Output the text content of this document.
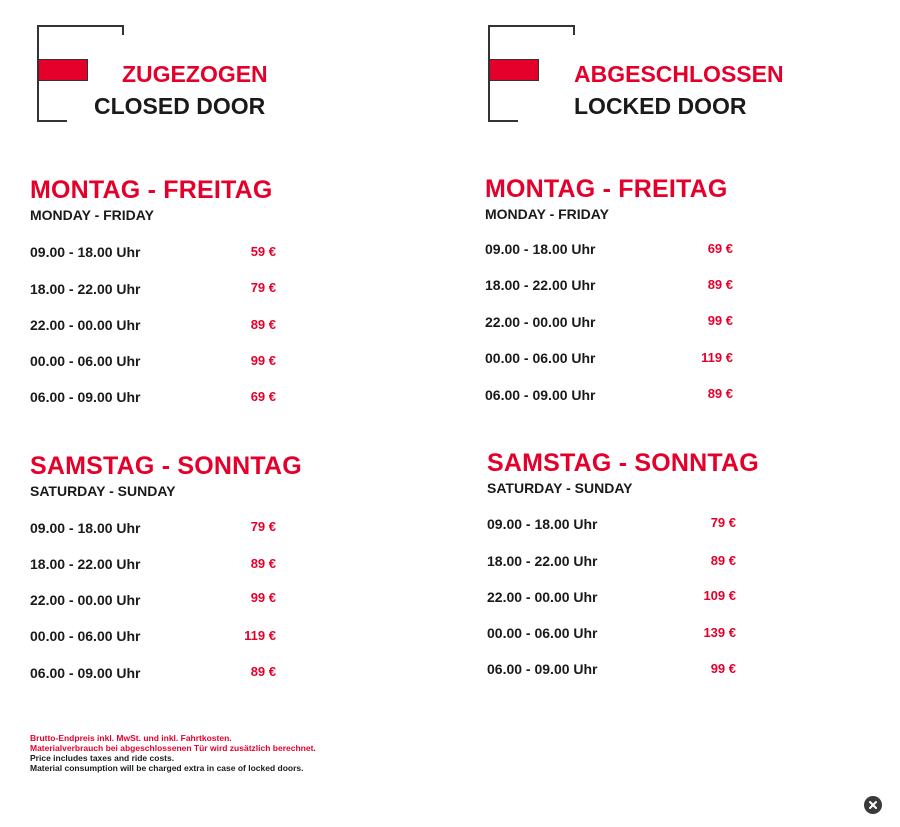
ZUGEZOGEN
CLOSED DOOR
ABGESCHLOSSEN
LOCKED DOOR
MONTAG - FREITAG
MONDAY - FRIDAY
09.00 - 18.00 Uhr	59 €
18.00 - 22.00 Uhr	79 €
22.00 - 00.00 Uhr	89 €
00.00 - 06.00 Uhr	99 €
06.00 - 09.00 Uhr	69 €
SAMSTAG - SONNTAG
SATURDAY - SUNDAY
09.00 - 18.00 Uhr	79 €
18.00 - 22.00 Uhr	89 €
22.00 - 00.00 Uhr	99 €
00.00 - 06.00 Uhr	119 €
06.00 - 09.00 Uhr	89 €
MONTAG - FREITAG
MONDAY - FRIDAY
09.00 - 18.00 Uhr	69 €
18.00 - 22.00 Uhr	89 €
22.00 - 00.00 Uhr	99 €
00.00 - 06.00 Uhr	119 €
06.00 - 09.00 Uhr	89 €
SAMSTAG - SONNTAG
SATURDAY - SUNDAY
09.00 - 18.00 Uhr	79 €
18.00 - 22.00 Uhr	89 €
22.00 - 00.00 Uhr	109 €
00.00 - 06.00 Uhr	139 €
06.00 - 09.00 Uhr	99 €
Brutto-Endpreis inkl. MwSt. und inkl. Fahrtkosten.
Materialverbrauch bei abgeschlossenen Tür wird zusätzlich berechnet.
Price includes taxes and ride costs.
Material consumption will be charged extra in case of locked doors.
